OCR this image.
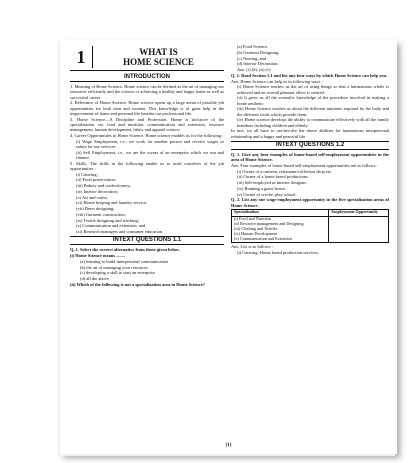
1	WHAT IS
HOME SCIENCE
INTRODUCTION

1. Meaning of Home Science. Home science can be defined as the art of managing our resources efficiently and the science of achieving a healthy and happy home as well as successful career.

2. Relevance of Home Science. Home science opens up a large arena of possible job opportunities for both men and women. This knowledge is of great help in the improvement of home and personal life besides our professional life.

3. Home Science—A Discipline and Profession. Home is inclusive of the specialization viz. food and nutrition, communication and extension, resource management, human development, fabric and apparel science.

4. Career Opportunities in Home Science. Home science enables us for the following :

(i) Wage Employment, i.e., we work for another person and receive wages or salary for our services.

(ii) Self Employment, i.e., we are the owner of an enterprise which we run and finance.

5. Skills. The skills in the following enable us to avail ourselves of the job opportunities :

(i) Catering;

(ii) Food preservation;

(iii) Bakery and confectionery;

(iv) Interior decoration;

(v) Art and crafts;

(vi) House keeping and laundry service;

(vii) Dress designing;

(viii) Garment construction;

(ix) Textile designing and teaching;

(x) Communication and extension; and

(xi) Research managers and consumer education.

INTEXT QUESTIONS 1.1

Q. 1. Select the correct alternative from those given below.

(i) Home Science means ........

(a) learning to build interpersonal communication

(b) the art of managing your resources

(c) developing a skill to start an enterprise

(d) all the above

(ii) Which of the following is not a specialization area in Home Science?

(a) Food Science,

(b) Garment Designing,

(c) Nursing, and

(d) Interior Decoration.

Ans. (i) (d), (ii) (c).

Q. 2. Read Section 1.1 and list any four ways by which Home Science can help you.

Ans. Home Science can help us in following ways :

(i) Home Science teaches us the art of using things so that a harmonious whole is achieved and an overall pleasant effect is created.

(ii) It gives us all the scientific knowledge of the procedure involved in making a home aesthetic.

(iii) Home Science teaches us about the different nutrients required by the body and the different foods which provide them.

(iv) Home science develops the ability to communicate effectively with all the family members including children and elderly.

In fact, we all have to use/involve the above abilities for harmonious interpersonal relationship and a happy and peaceful life.

INTEXT QUESTIONS 1.2

Q. 1. Give any four examples of home-based self-employment opportunities in the area of Home Science.

Ans. Four examples of home-based self-employment opportunities are as follows :

(i) Owner of a canteen, restaurant/coffee/tea shop etc.

(ii) Owner of a home based productions.

(iii) Self-employed as interior designer.

(iv) Running a guest house.

(v) Owner of creche, play school.

Q. 2. List any one wage-employment opportunity in the five specialization areas of Home Science.

Specialisation	Employment Opportunity

(i) Food and Nutrition
(ii) Resource management and Designing
(iii) Clothing and Textiles
(iv) Human Development
(v) Communication and Extension	

Ans. List is as follows :

(i) Catering, Home based production services.

(1)
